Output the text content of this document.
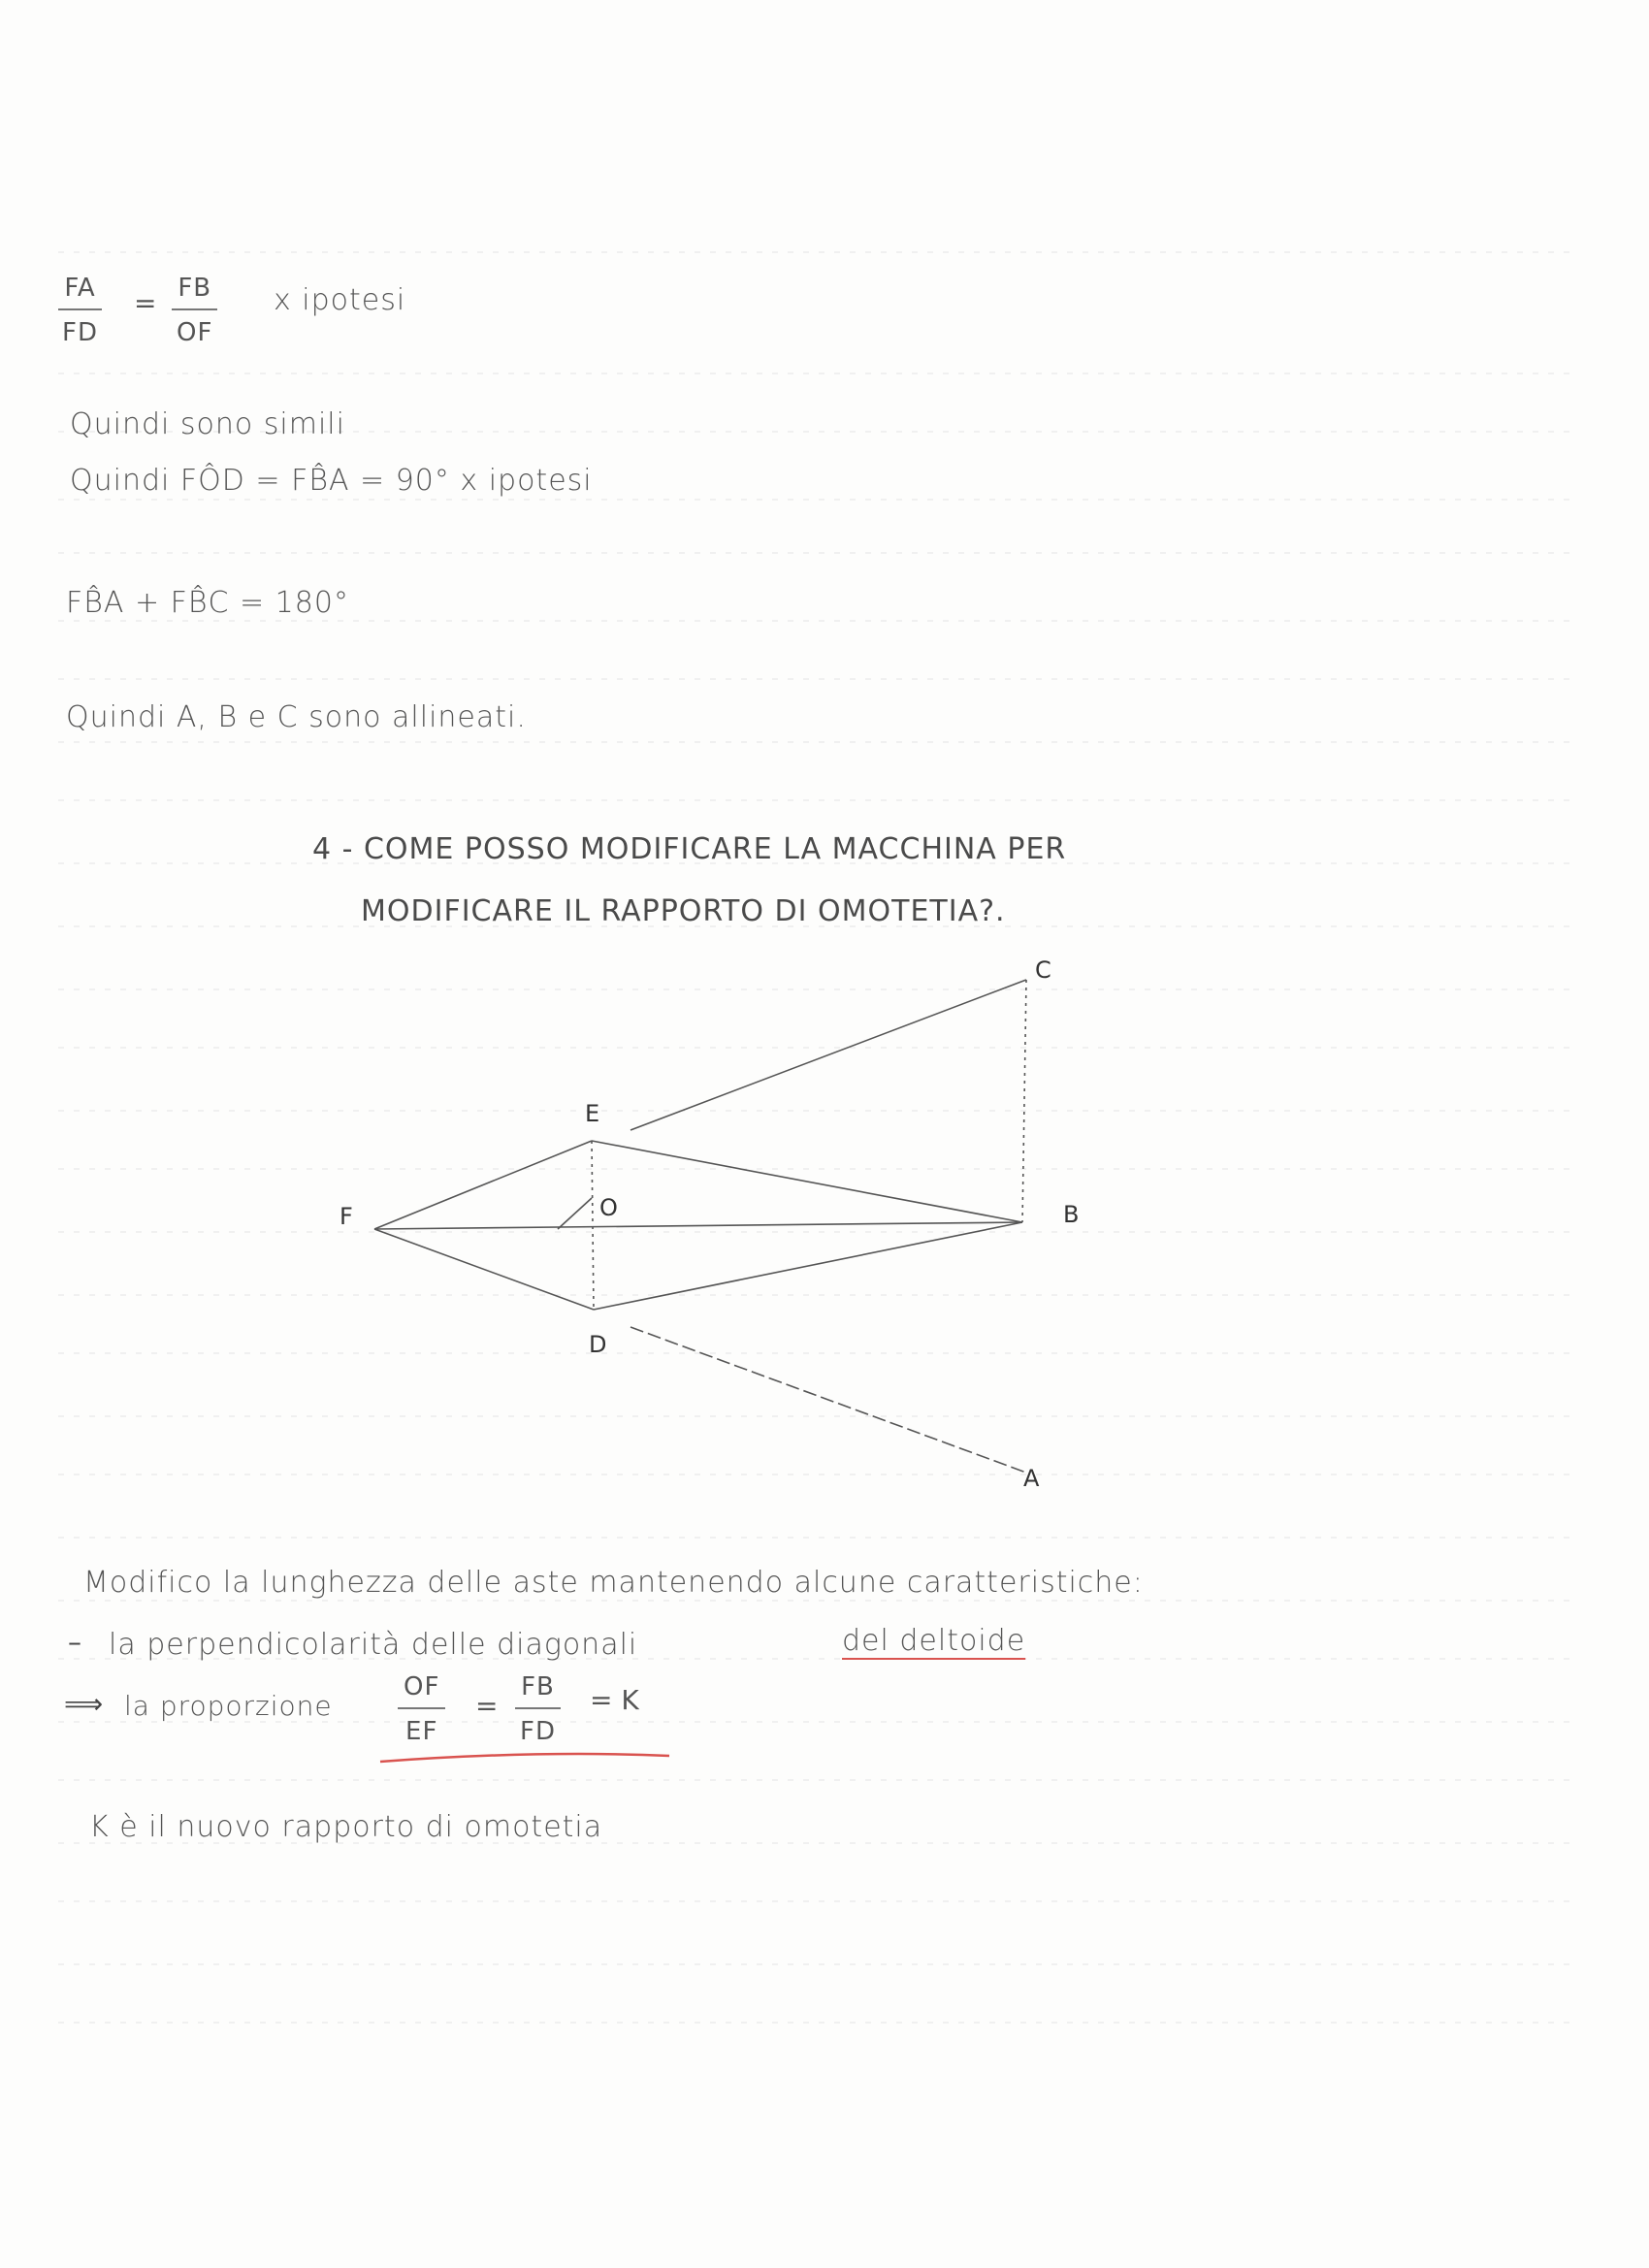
$\frac{FA}{FD} = \frac{FB}{OF}$ x ipotesi
Quindi sono simili
Quindi FÔD = FB̂A = 90° x ipotesi
FB̂A + FB̂C = 180°
Quindi A, B e C sono allineati.
4 - COME POSSO MODIFICARE LA MACCHINA PER
MODIFICARE IL RAPPORTO DI OMOTETIA?.
C
E
F	O	B
D
A
Modifico la lunghezza delle aste mantenendo alcune caratteristiche:
– la perpendicolarità delle diagonali	del deltoide
⟹ la proporzione	$\frac{OF}{EF} = \frac{FB}{FD} = K$
K è il nuovo rapporto di omotetia
